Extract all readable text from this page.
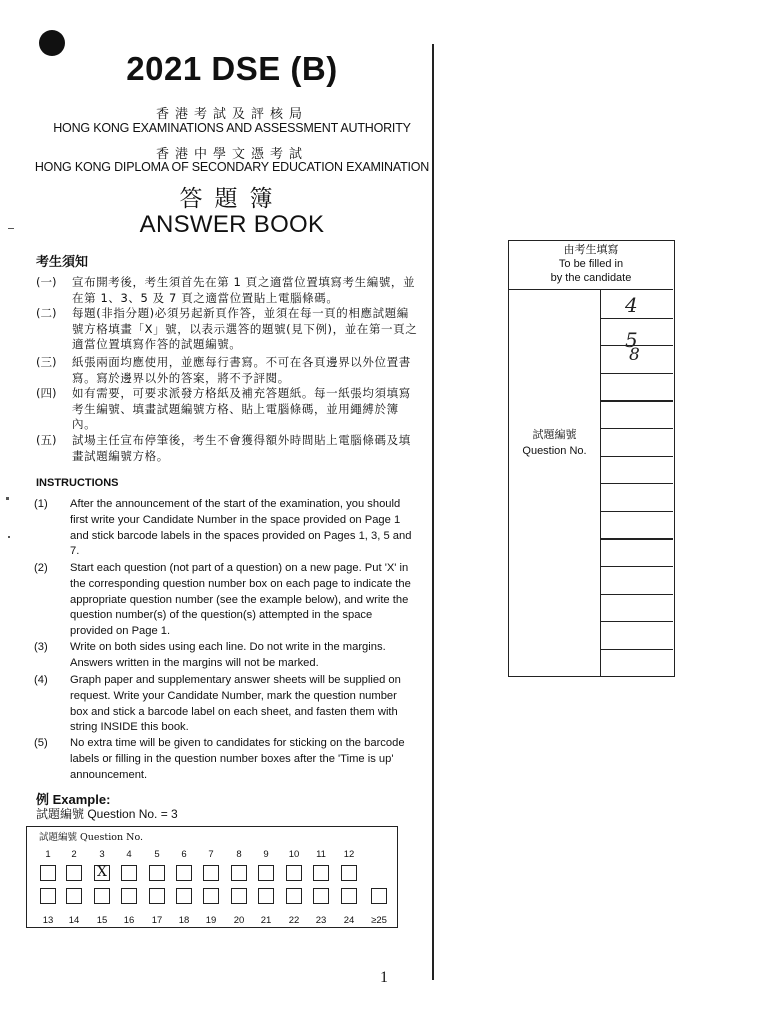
2021 DSE (B)
香港考試及評核局
HONG KONG EXAMINATIONS AND ASSESSMENT AUTHORITY
香港中學文憑考試
HONG KONG DIPLOMA OF SECONDARY EDUCATION EXAMINATION
答題簿
ANSWER BOOK
考生須知
(一)	宣布開考後，考生須首先在第 1 頁之適當位置填寫考生編號，並在第 1、3、5 及 7 頁之適當位置貼上電腦條碼。
(二)	每題(非指分題)必須另起新頁作答，並須在每一頁的相應試題編號方格填畫「X」號，以表示選答的題號(見下例)，並在第一頁之適當位置填寫作答的試題編號。
(三)	紙張兩面均應使用，並應每行書寫。不可在各頁邊界以外位置書寫。寫於邊界以外的答案，將不予評閱。
(四)	如有需要，可要求派發方格紙及補充答題紙。每一紙張均須填寫考生編號、填畫試題編號方格、貼上電腦條碼，並用繩縛於簿內。
(五)	試場主任宣布停筆後，考生不會獲得額外時間貼上電腦條碼及填畫試題編號方格。
INSTRUCTIONS
(1)	After the announcement of the start of the examination, you should first write your Candidate Number in the space provided on Page 1 and stick barcode labels in the spaces provided on Pages 1, 3, 5 and 7.
(2)	Start each question (not part of a question) on a new page. Put 'X' in the corresponding question number box on each page to indicate the appropriate question number (see the example below), and write the question number(s) of the question(s) attempted in the space provided on Page 1.
(3)	Write on both sides using each line. Do not write in the margins. Answers written in the margins will not be marked.
(4)	Graph paper and supplementary answer sheets will be supplied on request. Write your Candidate Number, mark the question number box and stick a barcode label on each sheet, and fasten them with string INSIDE this book.
(5)	No extra time will be given to candidates for sticking on the barcode labels or filling in the question number boxes after the 'Time is up' announcement.
例 Example:
試題編號 Question No. = 3
試題編號 Question No.
1 2 3 4 5 6 7 8 9 10 11 12
13 14 15 16 17 18 19 20 21 22 23 24 ≥25
X
由考生填寫
To be filled in
by the candidate
試題編號
Question No.
4
5
8
1
